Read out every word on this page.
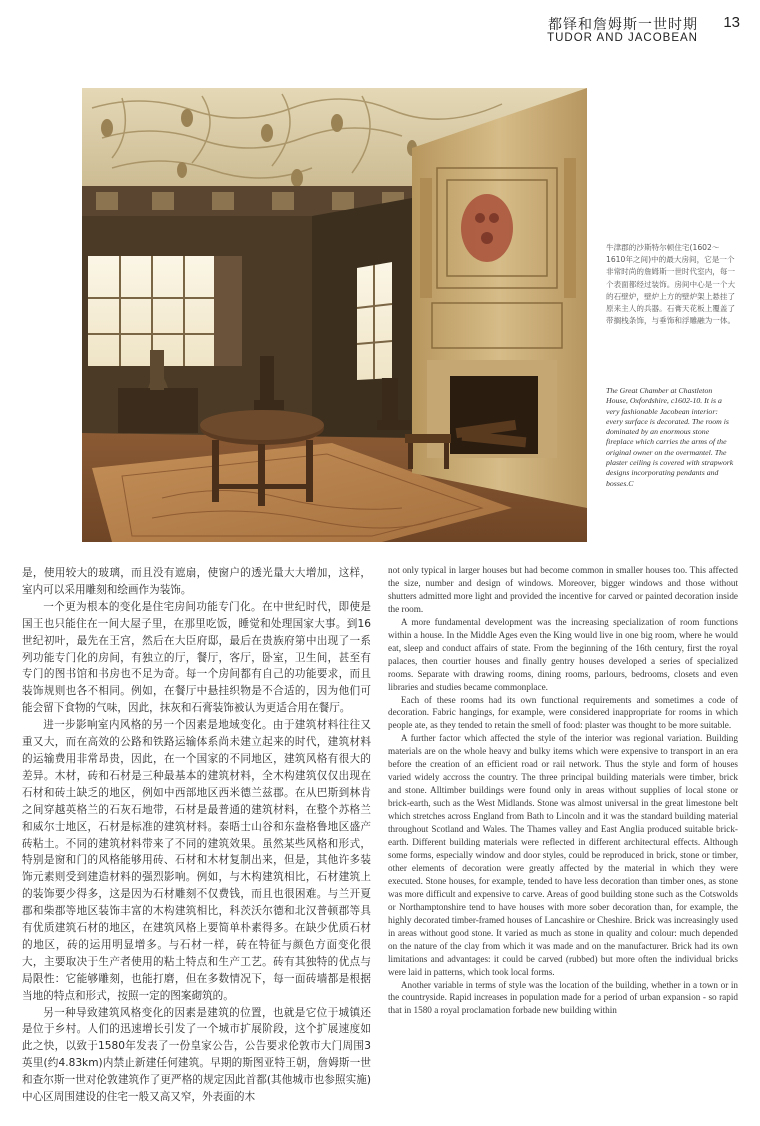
都铎和詹姆斯一世时期 13
TUDOR AND JACOBEAN
牛津郡的沙斯特尔顿住宅(1602～1610年之间)中的最大房间，它是一个非常时尚的詹姆斯一世时代室内，每一个表面都经过装饰。房间中心是一个大的石壁炉，壁炉上方的壁炉架上悬挂了原来主人的兵器。石膏天花板上覆盖了带搁栈条饰，与垂饰和浮雕融为一体。
The Great Chamber at Chastleton House, Oxfordshire, c1602-10. It is a very fashionable Jacobean interior: every surface is decorated. The room is dominated by an enormous stone fireplace which carries the arms of the original owner on the overmantel. The plaster ceiling is covered with strapwork designs incorporating pendants and bosses.C

是，使用较大的玻璃，而且没有遮扇，使窗户的透光量大大增加，这样，室内可以采用雕刻和绘画作为装饰。

一个更为根本的变化是住宅房间功能专门化。在中世纪时代，即使是国王也只能住在一间大屋子里，在那里吃饭，睡觉和处理国家大事。到16世纪初叶，最先在王宫，然后在大臣府邸，最后在贵族府第中出现了一系列功能专门化的房间，有独立的厅，餐厅，客厅，卧室，卫生间，甚至有专门的图书馆和书房也不足为奇。每一个房间都有自己的功能要求，而且装饰规则也各不相同。例如，在餐厅中悬挂织物是不合适的，因为他们可能会留下食物的气味，因此，抹灰和石膏装饰被认为更适合用在餐厅。

进一步影响室内风格的另一个因素是地域变化。由于建筑材料往往又重又大，而在高效的公路和铁路运输体系尚未建立起来的时代，建筑材料的运输费用非常昂贵，因此，在一个国家的不同地区，建筑风格有很大的差异。木材，砖和石材是三种最基本的建筑材料，全木构建筑仅仅出现在石材和砖土缺乏的地区，例如中西部地区西米德兰兹郡。在从巴斯到林肯之间穿越英格兰的石灰石地带，石材是最普通的建筑材料，在整个苏格兰和威尔士地区，石材是标准的建筑材料。泰晤士山谷和东盎格鲁地区盛产砖粘土。不同的建筑材料带来了不同的建筑效果。虽然某些风格和形式，特别是窗和门的风格能够用砖、石材和木材复制出来，但是，其他许多装饰元素则受到建造材料的强烈影响。例如，与木构建筑相比，石材建筑上的装饰要少得多，这是因为石材雕刻不仅费钱，而且也很困难。与兰开夏郡和柴郡等地区装饰丰富的木构建筑相比，科茨沃尔德和北汉普顿郡等具有优质建筑石材的地区，在建筑风格上要简单朴素得多。在缺少优质石材的地区，砖的运用明显增多。与石材一样，砖在特征与颜色方面变化很大，主要取决于生产者使用的粘土特点和生产工艺。砖有其独特的优点与局限性：它能够雕刻，也能打磨，但在多数情况下，每一面砖墙都是根据当地的特点和形式，按照一定的图案砌筑的。

另一种导致建筑风格变化的因素是建筑的位置，也就是它位于城镇还是位于乡村。人们的迅速增长引发了一个城市扩展阶段，这个扩展速度如此之快，以致于1580年发表了一份皇家公告，公告要求伦敦市大门周围3英里(约4.83km)内禁止新建任何建筑。早期的斯图亚特王朝，詹姆斯一世和查尔斯一世对伦敦建筑作了更严格的规定因此首都(其他城市也参照实施)中心区周围建设的住宅一般又高又窄，外表面的木

not only typical in larger houses but had become common in smaller houses too. This affected the size, number and design of windows. Moreover, bigger windows and those without shutters admitted more light and provided the incentive for carved or painted decoration inside the room.

A more fundamental development was the increasing specialization of room functions within a house. In the Middle Ages even the King would live in one big room, where he would eat, sleep and conduct affairs of state. From the beginning of the 16th century, first the royal palaces, then courtier houses and finally gentry houses developed a series of specialized rooms. Separate with drawing rooms, dining rooms, parlours, bedrooms, closets and even libraries and studies became commonplace.

Each of these rooms had its own functional requirements and sometimes a code of decoration. Fabric hangings, for example, were considered inappropriate for rooms in which people ate, as they tended to retain the smell of food: plaster was thought to be more suitable.

A further factor which affected the style of the interior was regional variation. Building materials are on the whole heavy and bulky items which were expensive to transport in an era before the creation of an efficient road or rail network. Thus the style and form of houses varied widely accross the country. The three principal building materials were timber, brick and stone. Alltimber buildings were found only in areas without supplies of local stone or brick-earth, such as the West Midlands. Stone was almost universal in the great limestone belt which stretches across England from Bath to Lincoln and it was the standard building material throughout Scotland and Wales. The Thames valley and East Anglia produced suitable brick-earth. Different building materials were reflected in different architectural effects. Although some forms, especially window and door styles, could be reproduced in brick, stone or timber, other elements of decoration were greatly affected by the material in which they were executed. Stone houses, for example, tended to have less decoration than timber ones, as stone was more difficult and expensive to carve. Areas of good building stone such as the Cotswolds or Northamptonshire tend to have houses with more sober decoration than, for example, the highly decorated timber-framed houses of Lancashire or Cheshire. Brick was increasingly used in areas without good stone. It varied as much as stone in quality and colour: much depended on the nature of the clay from which it was made and on the manufacturer. Brick had its own limitations and advantages: it could be carved (rubbed) but more often the individual bricks were laid in patterns, which took local forms.

Another variable in terms of style was the location of the building, whether in a town or in the countryside. Rapid increases in population made for a period of urban expansion - so rapid that in 1580 a royal proclamation forbade new building within
